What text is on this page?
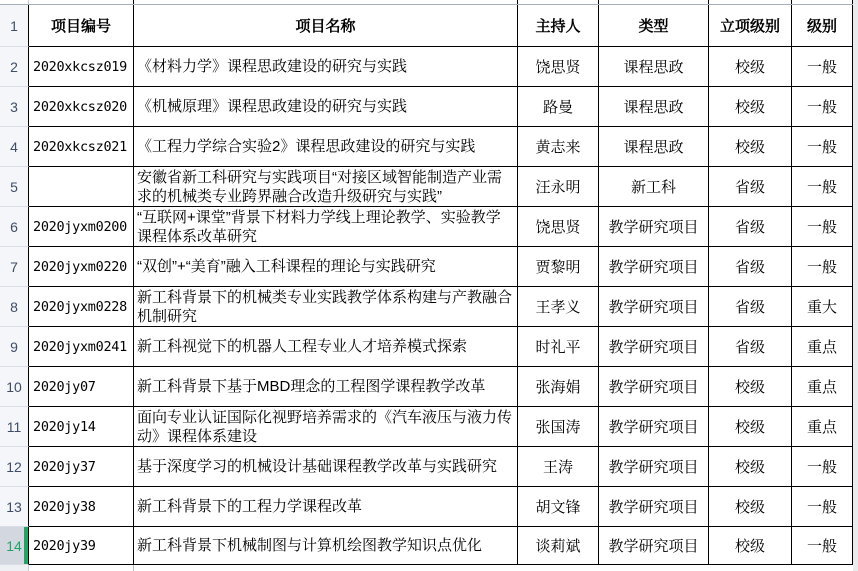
1	项目编号	项目名称	主持人	类型	立项级别	级别
2	2020xkcsz019	《材料力学》课程思政建设的研究与实践	饶思贤	课程思政	校级	一般
3	2020xkcsz020	《机械原理》课程思政建设的研究与实践	路曼	课程思政	校级	一般
4	2020xkcsz021	《工程力学综合实验2》课程思政建设的研究与实践	黄志来	课程思政	校级	一般
5		安徽省新工科研究与实践项目“对接区域智能制造产业需求的机械类专业跨界融合改造升级研究与实践”	汪永明	新工科	省级	一般
6	2020jyxm0200	“互联网+课堂”背景下材料力学线上理论教学、实验教学课程体系改革研究	饶思贤	教学研究项目	省级	一般
7	2020jyxm0220	“双创”+“美育”融入工科课程的理论与实践研究	贾黎明	教学研究项目	省级	一般
8	2020jyxm0228	新工科背景下的机械类专业实践教学体系构建与产教融合机制研究	王孝义	教学研究项目	省级	重大
9	2020jyxm0241	新工科视觉下的机器人工程专业人才培养模式探索	时礼平	教学研究项目	省级	重点
10	2020jy07	新工科背景下基于MBD理念的工程图学课程教学改革	张海娟	教学研究项目	校级	重点
11	2020jy14	面向专业认证国际化视野培养需求的《汽车液压与液力传动》课程体系建设	张国涛	教学研究项目	校级	重点
12	2020jy37	基于深度学习的机械设计基础课程教学改革与实践研究	王涛	教学研究项目	校级	一般
13	2020jy38	新工科背景下的工程力学课程改革	胡文锋	教学研究项目	校级	一般
14	2020jy39	新工科背景下机械制图与计算机绘图教学知识点优化	谈莉斌	教学研究项目	校级	一般
